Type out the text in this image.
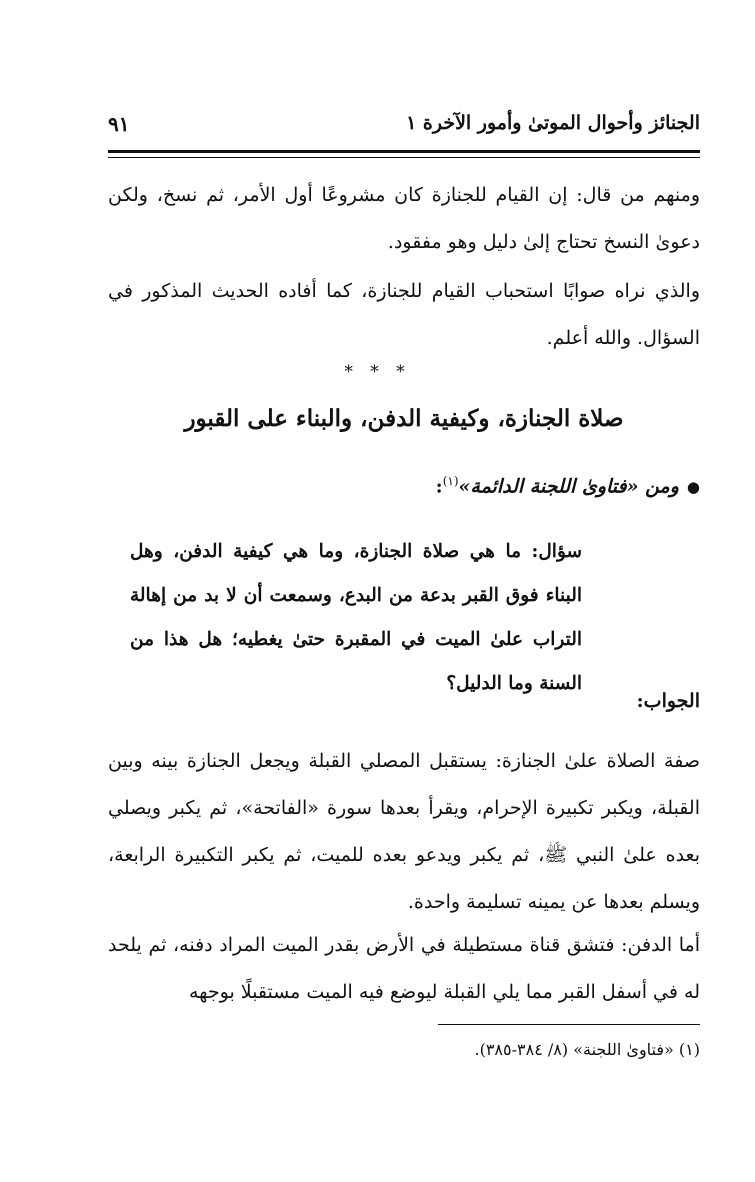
الجنائز وأحوال الموتىٰ وأمور الآخرة ١
٩١

ومنهم من قال: إن القيام للجنازة كان مشروعًا أول الأمر، ثم نسخ، ولكن دعوىٰ النسخ تحتاج إلىٰ دليل وهو مفقود.

والذي نراه صوابًا استحباب القيام للجنازة، كما أفاده الحديث المذكور في السؤال. والله أعلم.

* * *
صلاة الجنازة، وكيفية الدفن، والبناء على القبور
●ومن «فتاوىٰ اللجنة الدائمة»$^{(١)}$:
سؤال: ما هي صلاة الجنازة، وما هي كيفية الدفن، وهل البناء فوق القبر بدعة من البدع، وسمعت أن لا بد من إهالة التراب علىٰ الميت في المقبرة حتىٰ يغطيه؛ هل هذا من السنة وما الدليل؟
الجواب:

صفة الصلاة علىٰ الجنازة: يستقبل المصلي القبلة ويجعل الجنازة بينه وبين القبلة، ويكبر تكبيرة الإحرام، ويقرأ بعدها سورة «الفاتحة»، ثم يكبر ويصلي بعده علىٰ النبي ﷺ، ثم يكبر ويدعو بعده للميت، ثم يكبر التكبيرة الرابعة، ويسلم بعدها عن يمينه تسليمة واحدة.

أما الدفن: فتشق قناة مستطيلة في الأرض بقدر الميت المراد دفنه، ثم يلحد له في أسفل القبر مما يلي القبلة ليوضع فيه الميت مستقبلًا بوجهه

(١) «فتاوىٰ اللجنة» (٨/ ٣٨٤-٣٨٥).
